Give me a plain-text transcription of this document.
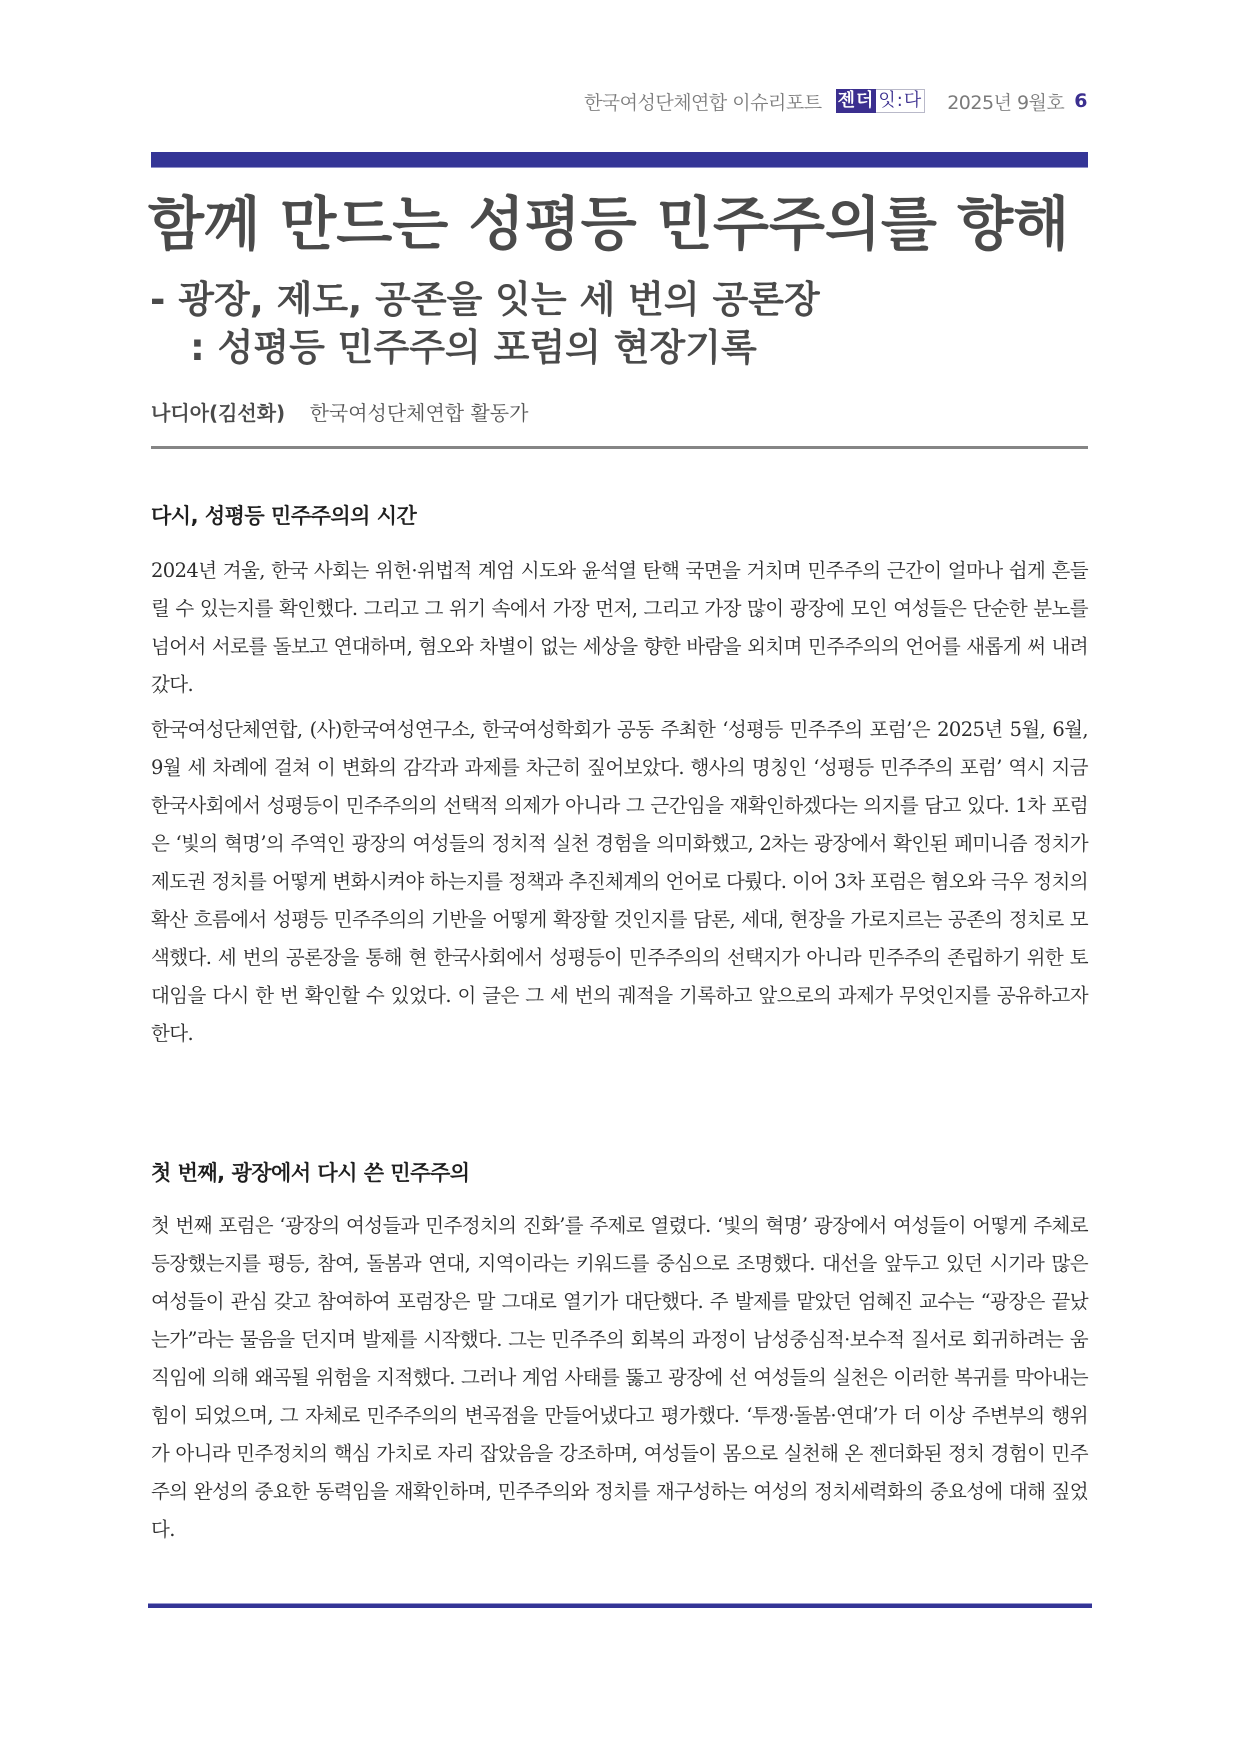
한국여성단체연합 이슈리포트 젠더 잇:다 2025년 9월호 6
함께 만드는 성평등 민주주의를 향해
- 광장, 제도, 공존을 잇는 세 번의 공론장
: 성평등 민주주의 포럼의 현장기록
나디아(김선화) 한국여성단체연합 활동가
다시, 성평등 민주주의의 시간

2024년 겨울, 한국 사회는 위헌·위법적 계엄 시도와 윤석열 탄핵 국면을 거치며 민주주의 근간이 얼마나 쉽게 흔들릴 수 있는지를 확인했다. 그리고 그 위기 속에서 가장 먼저, 그리고 가장 많이 광장에 모인 여성들은 단순한 분노를 넘어서 서로를 돌보고 연대하며, 혐오와 차별이 없는 세상을 향한 바람을 외치며 민주주의의 언어를 새롭게 써 내려갔다.

한국여성단체연합, (사)한국여성연구소, 한국여성학회가 공동 주최한 ‘성평등 민주주의 포럼’은 2025년 5월, 6월, 9월 세 차례에 걸쳐 이 변화의 감각과 과제를 차근히 짚어보았다. 행사의 명칭인 ‘성평등 민주주의 포럼’ 역시 지금 한국사회에서 성평등이 민주주의의 선택적 의제가 아니라 그 근간임을 재확인하겠다는 의지를 담고 있다. 1차 포럼은 ‘빛의 혁명’의 주역인 광장의 여성들의 정치적 실천 경험을 의미화했고, 2차는 광장에서 확인된 페미니즘 정치가 제도권 정치를 어떻게 변화시켜야 하는지를 정책과 추진체계의 언어로 다뤘다. 이어 3차 포럼은 혐오와 극우 정치의 확산 흐름에서 성평등 민주주의의 기반을 어떻게 확장할 것인지를 담론, 세대, 현장을 가로지르는 공존의 정치로 모색했다. 세 번의 공론장을 통해 현 한국사회에서 성평등이 민주주의의 선택지가 아니라 민주주의 존립하기 위한 토대임을 다시 한 번 확인할 수 있었다. 이 글은 그 세 번의 궤적을 기록하고 앞으로의 과제가 무엇인지를 공유하고자 한다.

첫 번째, 광장에서 다시 쓴 민주주의

첫 번째 포럼은 ‘광장의 여성들과 민주정치의 진화’를 주제로 열렸다. ‘빛의 혁명’ 광장에서 여성들이 어떻게 주체로 등장했는지를 평등, 참여, 돌봄과 연대, 지역이라는 키워드를 중심으로 조명했다. 대선을 앞두고 있던 시기라 많은 여성들이 관심 갖고 참여하여 포럼장은 말 그대로 열기가 대단했다. 주 발제를 맡았던 엄혜진 교수는 “광장은 끝났는가”라는 물음을 던지며 발제를 시작했다. 그는 민주주의 회복의 과정이 남성중심적·보수적 질서로 회귀하려는 움직임에 의해 왜곡될 위험을 지적했다. 그러나 계엄 사태를 뚫고 광장에 선 여성들의 실천은 이러한 복귀를 막아내는 힘이 되었으며, 그 자체로 민주주의의 변곡점을 만들어냈다고 평가했다. ‘투쟁·돌봄·연대’가 더 이상 주변부의 행위가 아니라 민주정치의 핵심 가치로 자리 잡았음을 강조하며, 여성들이 몸으로 실천해 온 젠더화된 정치 경험이 민주주의 완성의 중요한 동력임을 재확인하며, 민주주의와 정치를 재구성하는 여성의 정치세력화의 중요성에 대해 짚었다.
